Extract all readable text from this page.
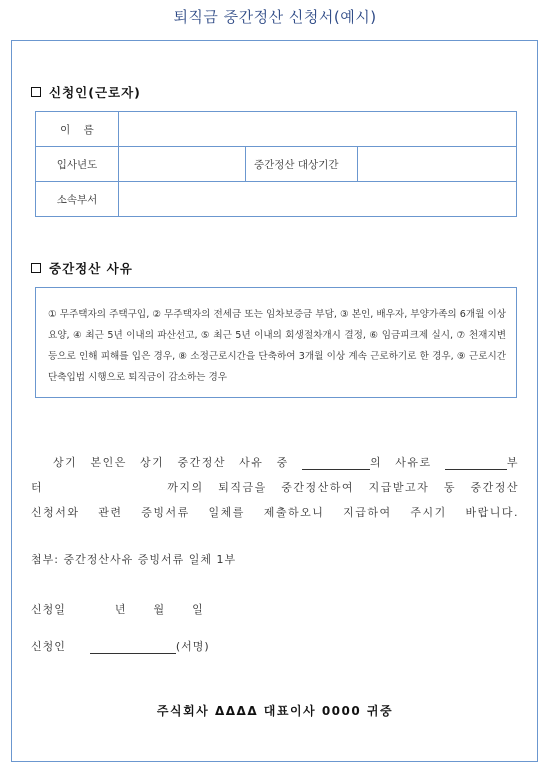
퇴직금 중간정산 신청서(예시)
신청인(근로자)
이    름			
입사년도		중간정산 대상기간	
소속부서			
중간정산 사유
① 무주택자의 주택구입, ② 무주택자의 전세금 또는 임차보증금 부담, ③ 본인, 배우자, 부양가족의 6개월 이상 요양, ④ 최근 5년 이내의 파산선고, ⑤ 최근 5년 이내의 회생절차개시 결정, ⑥ 임금피크제 실시, ⑦ 천재지변 등으로 인해 피해를 입은 경우, ⑧ 소정근로시간을 단축하여 3개월 이상 계속 근로하기로 한 경우, ⑨ 근로시간 단축입법 시행으로 퇴직금이 감소하는 경우
상기 본인은 상기 중간정산 사유 중	의 사유로	부
터	까지의 퇴직금을 중간정산하여 지급받고자 동 중간정산
신청서와 관련 증빙서류 일체를 제출하오니 지급하여 주시기 바랍니다.
첨부: 중간정산사유 증빙서류 일체 1부
신청일	년 월 일
신청인	(서명)
주식회사 ΔΔΔΔ 대표이사 0000 귀중
